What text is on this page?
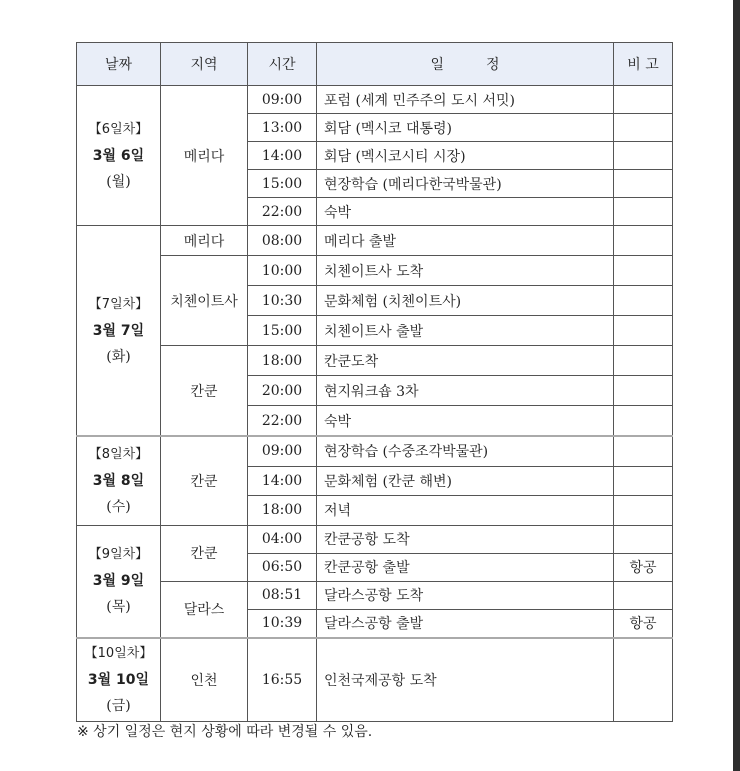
날짜	지역	시간	일　　　정	비 고

【6일차】
3월 6일
(월)	메리다	09:00	포럼 (세계 민주주의 도시 서밋)	
		13:00	회담 (멕시코 대통령)	
		14:00	회담 (멕시코시티 시장)	
		15:00	현장학습 (메리다한국박물관)	
		22:00	숙박	

【7일차】
3월 7일
(화)	메리다	08:00	메리다 출발	
	치첸이트사	10:00	치첸이트사 도착	
		10:30	문화체험 (치첸이트사)	
		15:00	치첸이트사 출발	
	칸쿤	18:00	칸쿤도착	
		20:00	현지워크숍 3차	
		22:00	숙박	

【8일차】
3월 8일
(수)	칸쿤	09:00	현장학습 (수중조각박물관)	
		14:00	문화체험 (칸쿤 해변)	
		18:00	저녁	

【9일차】
3월 9일
(목)	칸쿤	04:00	칸쿤공항 도착	
		06:50	칸쿤공항 출발	항공
	달라스	08:51	달라스공항 도착	
		10:39	달라스공항 출발	항공

【10일차】
3월 10일
(금)	인천	16:55	인천국제공항 도착	
※ 상기 일정은 현지 상황에 따라 변경될 수 있음.
